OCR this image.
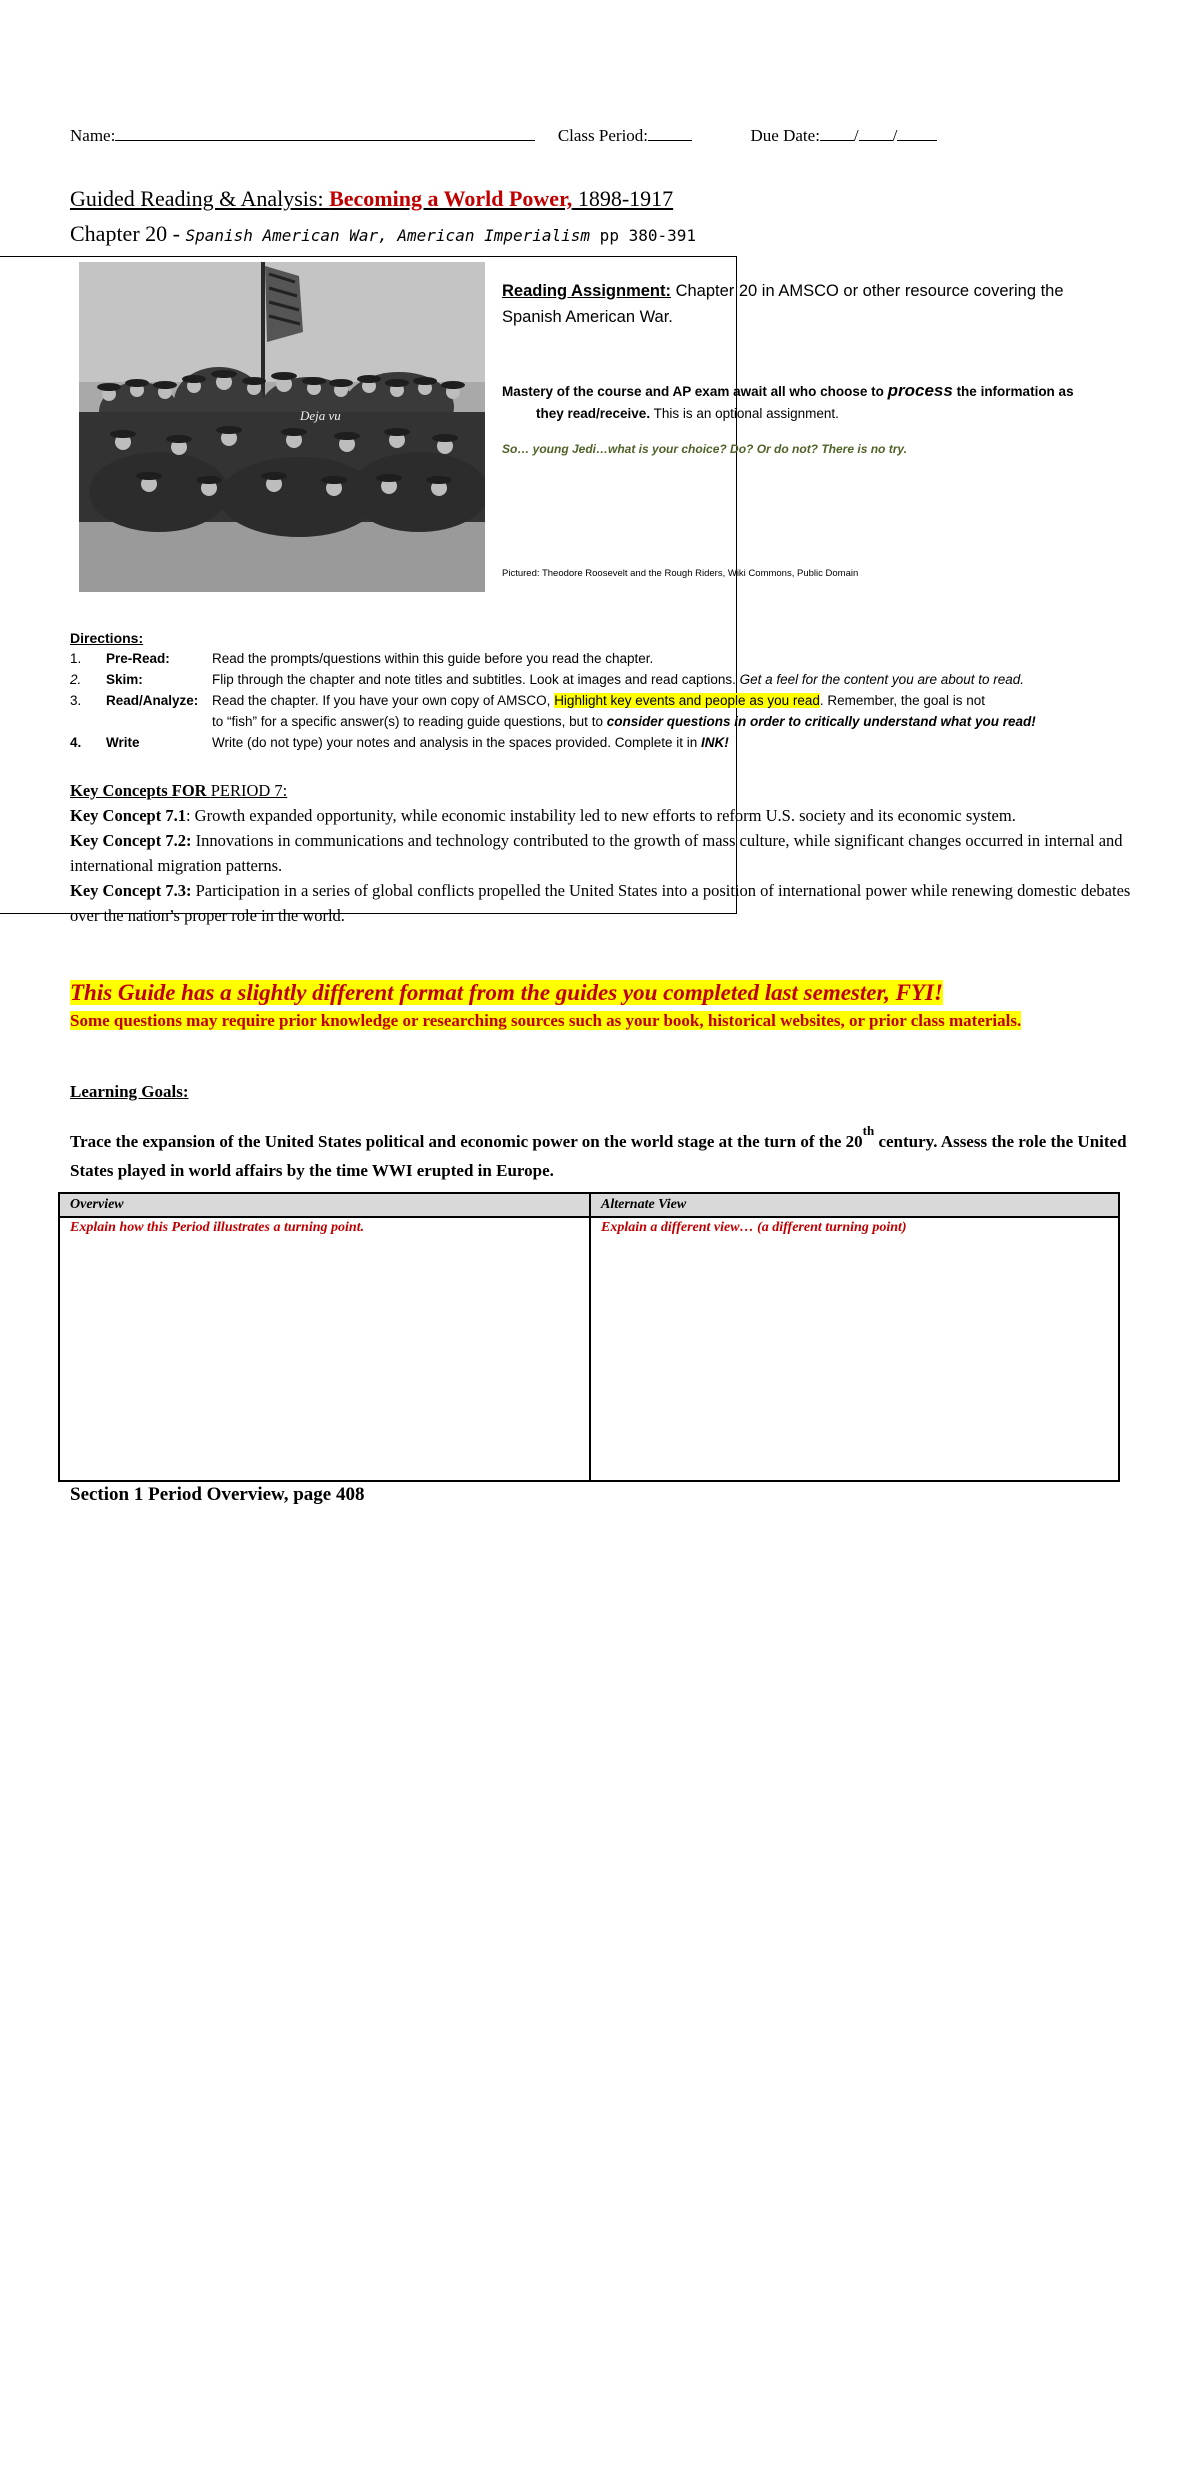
Name:	Class Period:	Due Date: / /
Guided Reading & Analysis: Becoming a World Power, 1898-1917
Chapter 20 - Spanish American War, American Imperialism pp 380-391
Deja vu
Reading Assignment: Chapter 20 in AMSCO or other resource covering the Spanish American War.
Mastery of the course and AP exam await all who choose to process the information as
they read/receive. This is an optional assignment.
So… young Jedi…what is your choice? Do? Or do not? There is no try.
Pictured: Theodore Roosevelt and the Rough Riders, Wiki Commons, Public Domain
Directions:
1. Pre-Read:	Read the prompts/questions within this guide before you read the chapter.
2. Skim:	Flip through the chapter and note titles and subtitles. Look at images and read captions. Get a feel for the content you are about to read.
3. Read/Analyze: Read the chapter. If you have your own copy of AMSCO, Highlight key events and people as you read. Remember, the goal is not
to “fish” for a specific answer(s) to reading guide questions, but to consider questions in order to critically understand what you read!
4. Write	Write (do not type) your notes and analysis in the spaces provided. Complete it in INK!
Key Concepts FOR PERIOD 7:
Key Concept 7.1: Growth expanded opportunity, while economic instability led to new efforts to reform U.S. society and its economic system.
Key Concept 7.2: Innovations in communications and technology contributed to the growth of mass culture, while significant changes occurred in internal and international migration patterns.
Key Concept 7.3: Participation in a series of global conflicts propelled the United States into a position of international power while renewing domestic debates over the nation’s proper role in the world.
This Guide has a slightly different format from the guides you completed last semester, FYI!
Some questions may require prior knowledge or researching sources such as your book, historical websites, or prior class materials.
Learning Goals:
Trace the expansion of the United States political and economic power on the world stage at the turn of the 20th century. Assess the role the United States played in world affairs by the time WWI erupted in Europe.
Overview	Alternate View
Explain how this Period illustrates a turning point.	Explain a different view… (a different turning point)
Section 1 Period Overview, page 408
